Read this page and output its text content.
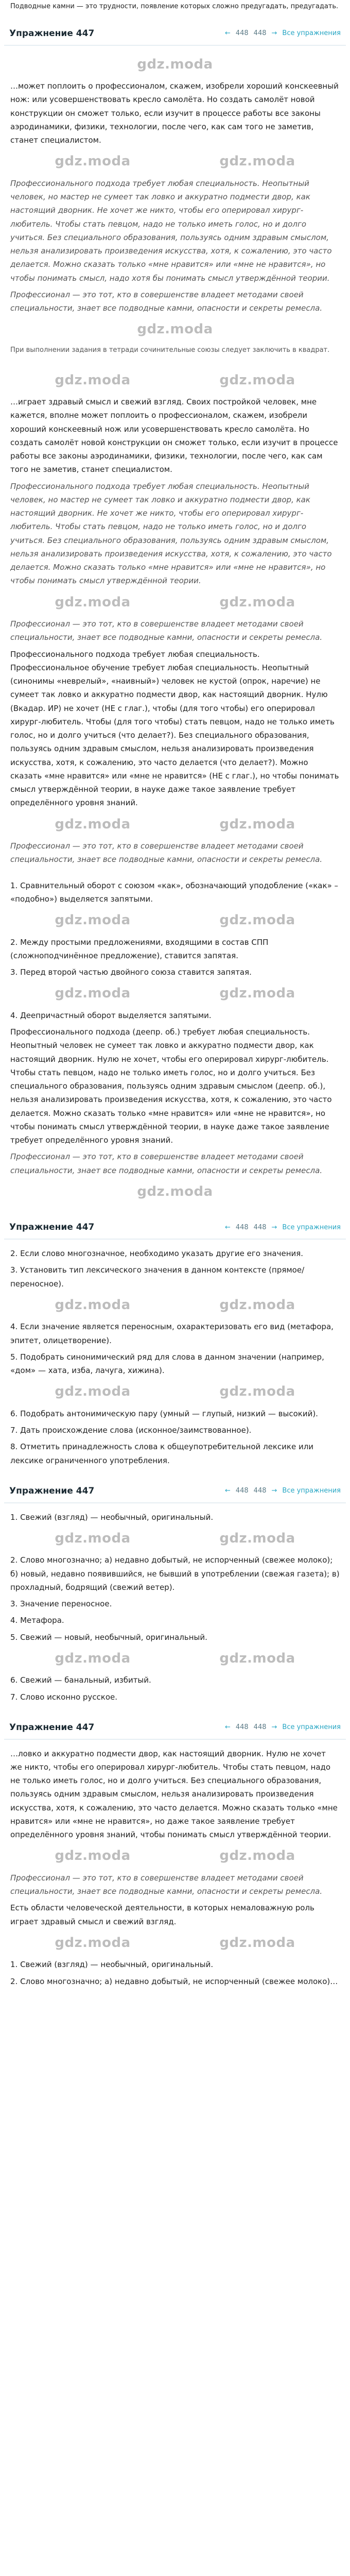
Подводные камни — это трудности, появление которых сложно предугадать, предугадать.

Упражнение 447	← 448 448 → Все упражнения
gdz.moda

…может поплоить о профессионалом, скажем, изобрели хороший конскеевный нож: или усовершенствовать кресло самолёта. Но создать самолёт новой конструкции он сможет только, если изучит в процессе работы все законы аэродинамики, физики, технологии, после чего, как сам того не заметив, станет специалистом.

gdz.moda	gdz.moda

Профессионального подхода требует любая специальность. Неопытный человек, но мастер не сумеет так ловко и аккуратно подмести двор, как настоящий дворник. Не хочет же никто, чтобы его оперировал хирург-любитель. Чтобы стать певцом, надо не только иметь голос, но и долго учиться. Без специального образования, пользуясь одним здравым смыслом, нельзя анализировать произведения искусства, хотя, к сожалению, это часто делается. Можно сказать только «мне нравится» или «мне не нравится», но чтобы понимать смысл, надо хотя бы понимать смысл утверждённой теории.

Профессионал — это тот, кто в совершенстве владеет методами своей специальности, знает все подводные камни, опасности и секреты ремесла.

gdz.moda

При выполнении задания в тетради сочинительные союзы следует заключить в квадрат.

gdz.moda	gdz.moda

…играет здравый смысл и свежий взгляд. Своих постройкой человек, мне кажется, вполне может поплоить о профессионалом, скажем, изобрели хороший конскеевный нож или усовершенствовать кресло самолёта. Но создать самолёт новой конструкции он сможет только, если изучит в процессе работы все законы аэродинамики, физики, технологии, после чего, как сам того не заметив, станет специалистом.

Профессионального подхода требует любая специальность. Неопытный человек, но мастер не сумеет так ловко и аккуратно подмести двор, как настоящий дворник. Не хочет же никто, чтобы его оперировал хирург-любитель. Чтобы стать певцом, надо не только иметь голос, но и долго учиться. Без специального образования, пользуясь одним здравым смыслом, нельзя анализировать произведения искусства, хотя, к сожалению, это часто делается. Можно сказать только «мне нравится» или «мне не нравится», но чтобы понимать смысл утверждённой теории.

gdz.moda	gdz.moda

Профессионал — это тот, кто в совершенстве владеет методами своей специальности, знает все подводные камни, опасности и секреты ремесла.

Профессионального подхода требует любая специальность. Профессиональное обучение требует любая специальность. Неопытный (синонимы «неврелый», «наивный») человек не кустой (опрок, наречие) не сумеет так ловко и аккуратно подмести двор, как настоящий дворник. Нулю (Вкадар. ИР) не хочет (НЕ с глаг.), чтобы (для того чтобы) его оперировал хирург-любитель. Чтобы (для того чтобы) стать певцом, надо не только иметь голос, но и долго учиться (что делает?). Без специального образования, пользуясь одним здравым смыслом, нельзя анализировать произведения искусства, хотя, к сожалению, это часто делается (что делает?). Можно сказать «мне нравится» или «мне не нравится» (НЕ с глаг.), но чтобы понимать смысл утверждённой теории, в науке даже такое заявление требует определённого уровня знаний.

gdz.moda	gdz.moda

Профессионал — это тот, кто в совершенстве владеет методами своей специальности, знает все подводные камни, опасности и секреты ремесла.

1. Сравнительный оборот с союзом «как», обозначающий уподобление («как» – «подобно») выделяется запятыми.

gdz.moda	gdz.moda

2. Между простыми предложениями, входящими в состав СПП (сложноподчинённое предложение), ставится запятая.

3. Перед второй частью двойного союза ставится запятая.

gdz.moda	gdz.moda

4. Деепричастный оборот выделяется запятыми.

Профессионального подхода (деепр. об.) требует любая специальность. Неопытный человек не сумеет так ловко и аккуратно подмести двор, как настоящий дворник. Нулю не хочет, чтобы его оперировал хирург-любитель. Чтобы стать певцом, надо не только иметь голос, но и долго учиться. Без специального образования, пользуясь одним здравым смыслом (деепр. об.), нельзя анализировать произведения искусства, хотя, к сожалению, это часто делается. Можно сказать только «мне нравится» или «мне не нравится», но чтобы понимать смысл утверждённой теории, в науке даже такое заявление требует определённого уровня знаний.

Профессионал — это тот, кто в совершенстве владеет методами своей специальности, знает все подводные камни, опасности и секреты ремесла.

gdz.moda
Упражнение 447	← 448 448 → Все упражнения

2. Если слово многозначное, необходимо указать другие его значения.

3. Установить тип лексического значения в данном контексте (прямое/переносное).

gdz.moda	gdz.moda

4. Если значение является переносным, охарактеризовать его вид (метафора, эпитет, олицетворение).

5. Подобрать синонимический ряд для слова в данном значении (например, «дом» — хата, изба, лачуга, хижина).

gdz.moda	gdz.moda

6. Подобрать антонимическую пару (умный — глупый, низкий — высокий).

7. Дать происхождение слова (исконное/заимствованное).

8. Отметить принадлежность слова к общеупотребительной лексике или лексике ограниченного употребления.

Упражнение 447	← 448 448 → Все упражнения

1. Свежий (взгляд) — необычный, оригинальный.

gdz.moda	gdz.moda

2. Слово многозначно; а) недавно добытый, не испорченный (свежее молоко); б) новый, недавно появившийся, не бывший в употреблении (свежая газета); в) прохладный, бодрящий (свежий ветер).

3. Значение переносное.

4. Метафора.

5. Свежий — новый, необычный, оригинальный.

gdz.moda	gdz.moda

6. Свежий — банальный, избитый.

7. Слово исконно русское.

Упражнение 447	← 448 448 → Все упражнения

…ловко и аккуратно подмести двор, как настоящий дворник. Нулю не хочет же никто, чтобы его оперировал хирург-любитель. Чтобы стать певцом, надо не только иметь голос, но и долго учиться. Без специального образования, пользуясь одним здравым смыслом, нельзя анализировать произведения искусства, хотя, к сожалению, это часто делается. Можно сказать только «мне нравится» или «мне не нравится», но даже такое заявление требует определённого уровня знаний, чтобы понимать смысл утверждённой теории.

gdz.moda	gdz.moda

Профессионал — это тот, кто в совершенстве владеет методами своей специальности, знает все подводные камни, опасности и секреты ремесла.

Есть области человеческой деятельности, в которых немаловажную роль играет здравый смысл и свежий взгляд.

gdz.moda	gdz.moda

1. Свежий (взгляд) — необычный, оригинальный.

2. Слово многозначно; а) недавно добытый, не испорченный (свежее молоко)…
